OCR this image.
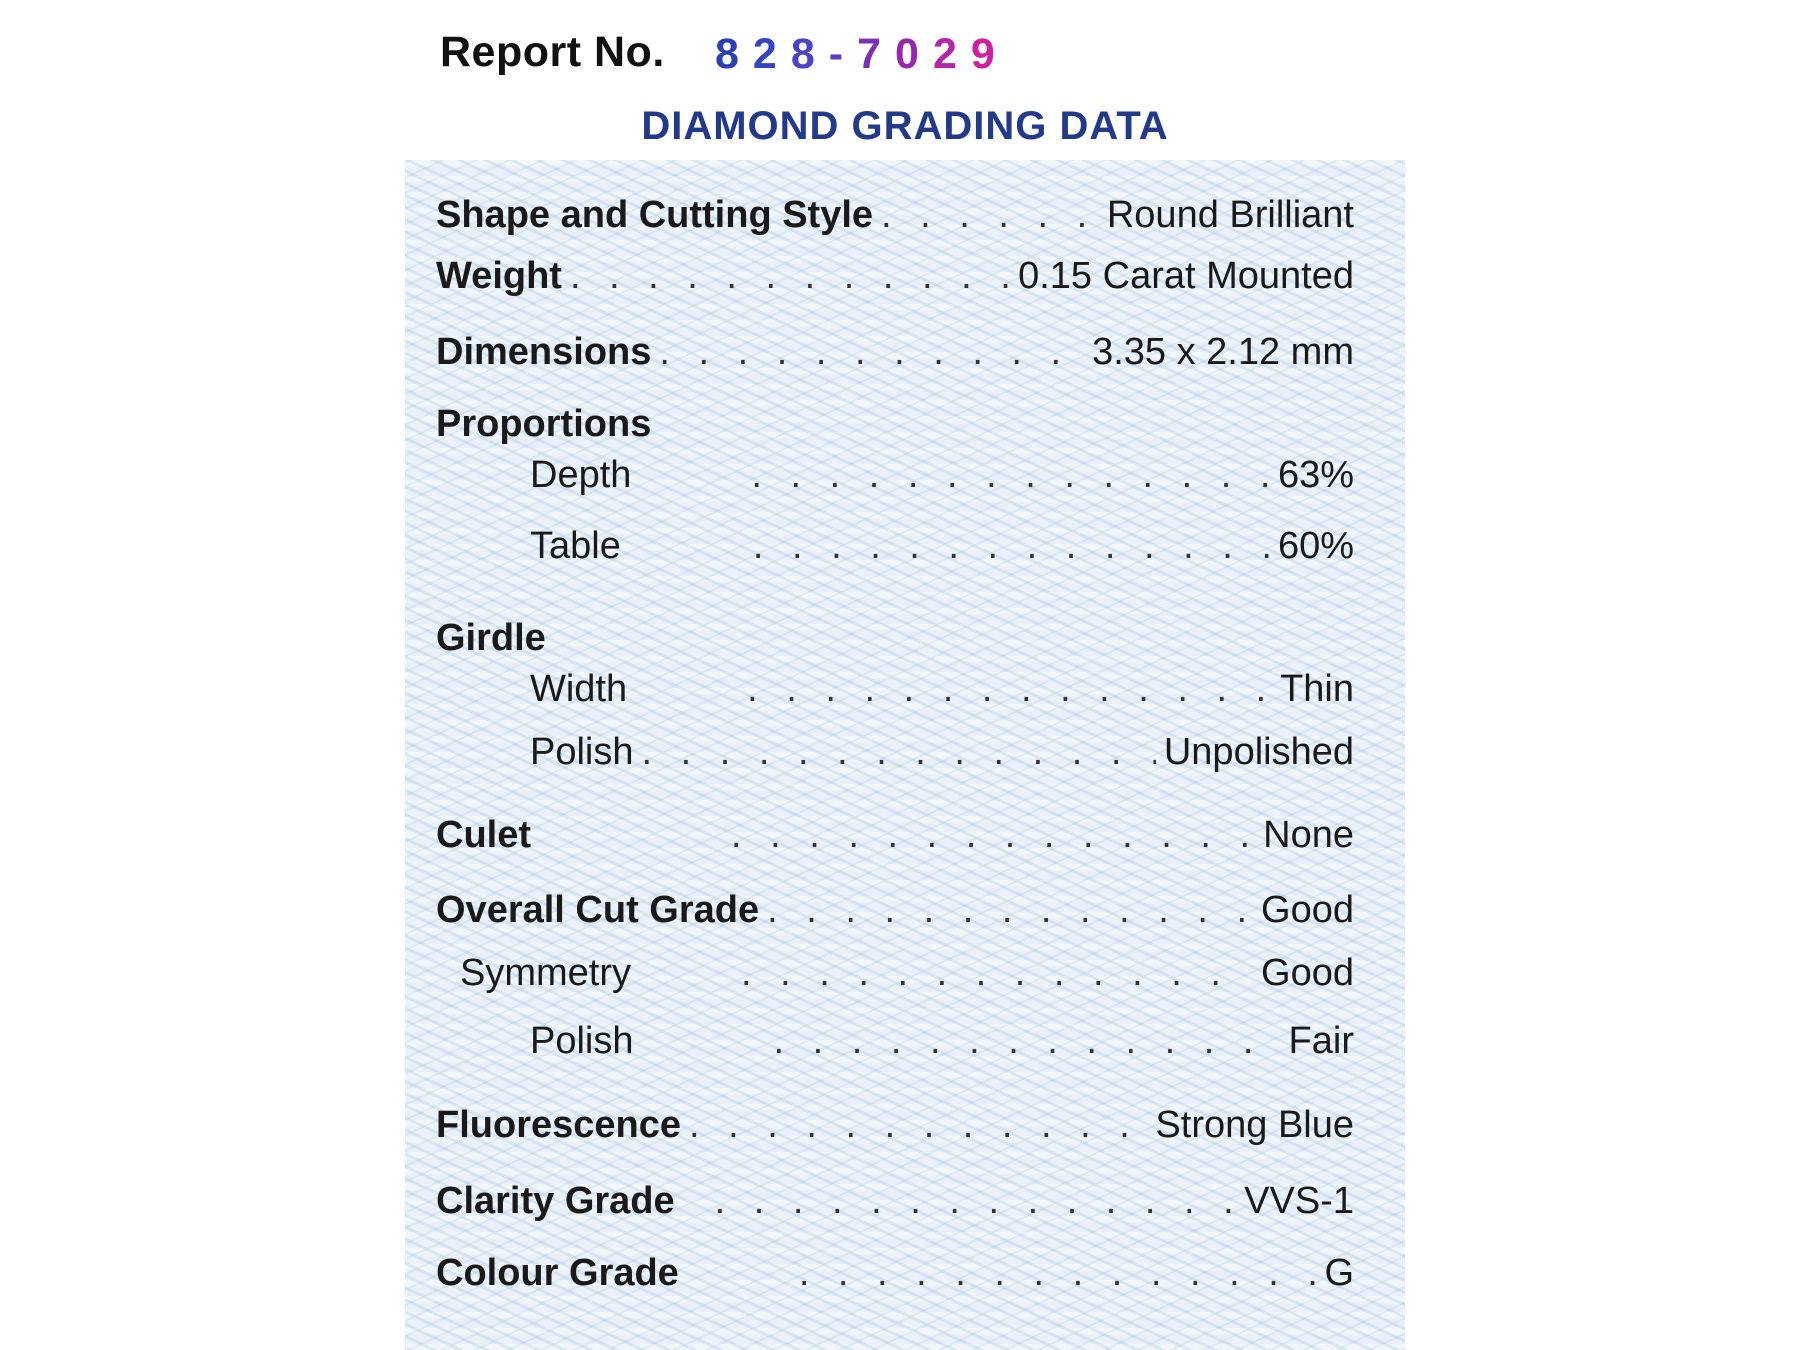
Report No. 828-7029
DIAMOND GRADING DATA
Shape and Cutting Style . . .	Round Brilliant
Weight . . .	0.15 Carat Mounted
Dimensions . . .	3.35 x 2.12 mm
Proportions
Depth . . .	63%
Table . . .	60%
Girdle
Width . . .	Thin
Polish . . .	Unpolished
Culet . . .	None
Overall Cut Grade . . .	Good
Symmetry . . .	Good
Polish . . .	Fair
Fluorescence . . .	Strong Blue
Clarity Grade . . .	VVS-1
Colour Grade . . .	G
